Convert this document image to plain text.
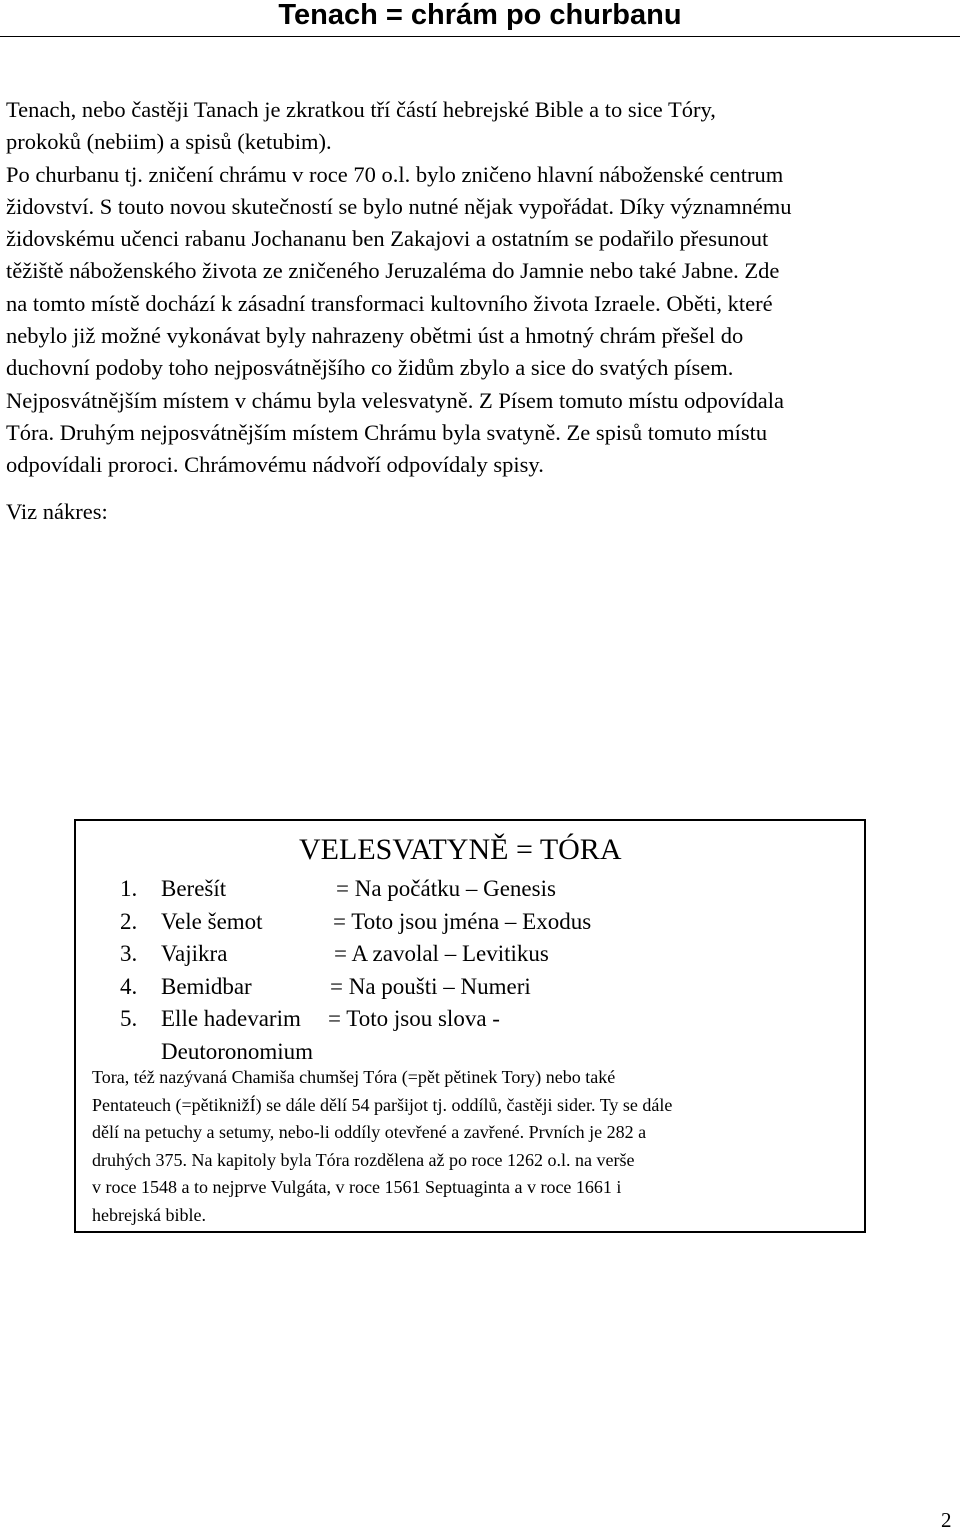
Tenach = chrám po churbanu
Tenach, nebo častěji Tanach je zkratkou tří částí hebrejské Bible a to sice Tóry,
prokoků (nebiim) a spisů (ketubim).
Po churbanu tj. zničení chrámu v roce 70 o.l. bylo zničeno hlavní náboženské centrum
židovství. S touto novou skutečností se bylo nutné nějak vypořádat. Díky významnému
židovskému učenci rabanu Jochananu ben Zakajovi a ostatním se podařilo přesunout
těžiště náboženského života ze zničeného Jeruzaléma do Jamnie nebo také Jabne. Zde
na tomto místě dochází k zásadní transformaci kultovního života Izraele. Oběti, které
nebylo již možné vykonávat byly nahrazeny obětmi úst a hmotný chrám přešel do
duchovní podoby toho nejposvátnějšího co židům zbylo a sice do svatých písem.
Nejposvátnějším místem v chámu byla velesvatyně. Z Písem tomuto místu odpovídala
Tóra. Druhým nejposvátnějším místem Chrámu byla svatyně. Ze spisů tomuto místu
odpovídali proroci. Chrámovému nádvoří odpovídaly spisy.
Viz nákres:
VELESVATYNĚ = TÓRA
1. Berešít	= Na počátku – Genesis
2. Vele šemot	= Toto jsou jména – Exodus
3. Vajikra	= A zavolal – Levitikus
4. Bemidbar	= Na poušti – Numeri
5. Elle hadevarim = Toto jsou slova -
Deutoronomium
Tora, též nazývaná Chamiša chumšej Tóra (=pět pětinek Tory) nebo také
Pentateuch (=pětiknižÍ) se dále dělí 54 paršijot tj. oddílů, častěji sider. Ty se dále
dělí na petuchy a setumy, nebo-li oddíly otevřené a zavřené. Prvních je 282 a
druhých 375. Na kapitoly byla Tóra rozdělena až po roce 1262 o.l. na verše
v roce 1548 a to nejprve Vulgáta, v roce 1561 Septuaginta a v roce 1661 i
hebrejská bible.
2
